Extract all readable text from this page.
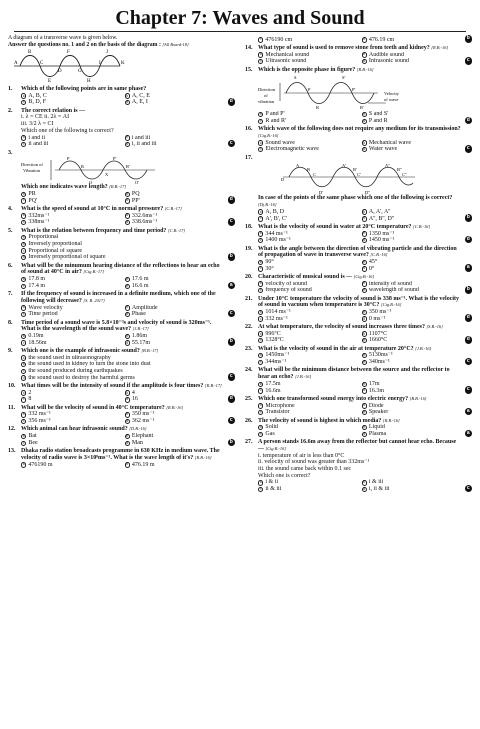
Chapter 7: Waves and Sound
A diagram of a transverse wave is given below.
Answer the questions no. 1 and 2 on the basis of the diagram : [All Board-18]
B	F	J
A	C	I	K
D
E	H
G
1.	Which of the following points are in same phase?
a A, B, C	b A, C, E
c B, D, F	d A, E, I	d
2.	The correct relation is —
i. λ = CE ii. 2λ = AI
iii. 3/2 λ = CI
Which one of the following is correct?
a i and ii	b i and iii
c ii and iii	d i, ii and iii	c
3.
Direction of
Vibration
P	P'
R	R'
Q
X
Q'
Which one indicates wave length? [R.B.-17]
a PR	b PQ
c PQ'	d PP'	d
4.	What is the speed of sound at 10°C in normal pressure? [C.B.-17]
a 332ms⁻¹	b 332.6ms⁻¹
c 338ms⁻¹	d 338.6ms⁻¹	c
5.	What is the relation between frequency and time period? [C.B.-17]
a Proportional
b Inversely proportional
c Proportional of square
d Inversely proportional of square	b
6.	What will be the minumum hearing distance of the reflections to hear an echo of sound at 40°C in air? [Ctg.B.-17]
a 17.8 m	b 17.6 m
c 17.4 m	d 16.6 m	a
7.	If the frequency of sound is increased in a definite medium, which one of the following will decrease? [S. B. 2017]
a Wave velocity	b Amplitude
c Time period	d Phase	c
8.	Time period of a sound wave is 5.8×10⁻³s and velocity of sound is 320ms⁻¹. What is the wavelength of the sound wave? [J.B.-17]
a 0.19m	b 1.86m
c 18.56m	d 55.17m	b
9.	Which one is the example of infrasonic sound? [B.B.-17]
a the sound used in ultrasonography
b the sound used in kidney to turn the stone into dust
c the sound produced during earthquakes
d the sound used to destroy the harmful germs	c
10. What times will be the intensity of sound if the amplitude is four times? [R.B.-17]
a 2	b 4
c 8	d 16	d
11. What will be the velocity of sound in 40°C temperature? [R.B.-16]
a 332 ms⁻¹	b 350 ms⁻¹
c 356 ms⁻¹	d 362 ms⁻¹	c
12. Which animal can hear infrasonic sound? [D.B.-16]
a Bat	b Elephant
c Bee	d Man	b
13. Dhaka radio station broadcasts programme in 630 KHz in medium wave. The velocity of radio wave is 3×10⁸ms⁻¹. What is the wave length of it's? [R.B.-16]
a 476190 m	b 476.19 m
c 476190 cm	d 476.19 cm	b
14. What type of sound is used to remove stone from teeth and kidney? [R.B.-16]
a Mechanical sound	b Audible sound
c Ultrasonic sound	d Infrasonic sound	c
15. Which is the opposite phase in figure? [R.B.-16]
S	S'
R	R'
P	P'
Direction
of
vibration
Velocity
of wave
a P and P'	b S and S'
c R and R'	d P and R	d
16. Which wave of the following does not require any medium for its transmission? [Ctg.B.-16]
a Sound wave	b Mechanical wave
c Electromagnetic wave	d Water wave	c
17.
A	A'	A''
B	B'	B''
C	C'	C''
D
D'	D''
In case of the points of the same phase which one of the following is correct? [Dj.B.-16]
a A, B, D	b A, A', A''
c A', B', C'	d A'', B'', D''	b
18. What is the velocity of sound in water at 20°C temperature? [C.B.-16]
a 344 ms⁻¹	b 1350 ms⁻¹
c 1400 ms⁻¹	d 1450 ms⁻¹	d
19. What is the angle between the direction of vibrating particle and the direction of propagation of wave in transverse wave? [C.B.-16]
a 90°	b 45°
c 30°	d 0°	a
20. Characteristic of musical sound is — [Ctg.B.-16]
a velocity of sound	b intensity of sound
c frequency of sound	d wavelength of sound	b
21. Under 10°C temperature the velocity of sound is 338 ms⁻¹. What is the velocity of sound in vacuum when temperature is 30°C? [Ctg.B.-16]
a 1014 ms⁻¹	b 350 ms⁻¹
c 332 ms⁻¹	d 0 ms⁻¹	d
22. At what temperature, the velocity of sound increases three times? [S.B.-16]
a 996°C	b 1107°C
c 1328°C	d 1660°C	d
23. What is the velocity of sound in the air at temperature 20°C? [J.B.-16]
a 1450ms⁻¹	b 5130ms⁻¹
c 344ms⁻¹	d 340ms⁻¹	c
24. What will be the minimum distance between the source and the reflector to hear an echo? [J.B.-16]
a 17.5m	b 17m
c 16.6m	d 16.3m	c
25. Which one transformed sound energy into electric energy? [B.B.-16]
a Microphone	b Diode
c Transistor	d Speaker	a
26. The velocity of sound is highest in which media? [R.B.-16]
a Solid	b Liquid
c Gas	d Plasma	a
27. A person stands 16.6m away from the reflector but cannot hear echo. Because— [Ctg.B.-16]
i. temperature of air is less than 0°C
ii. velocity of sound was greater than 332ms⁻¹
iii. the sound came back within 0.1 sec
Which one is correct?
a i & ii	b i & iii
c ii & iii	d i, ii & iii	c
